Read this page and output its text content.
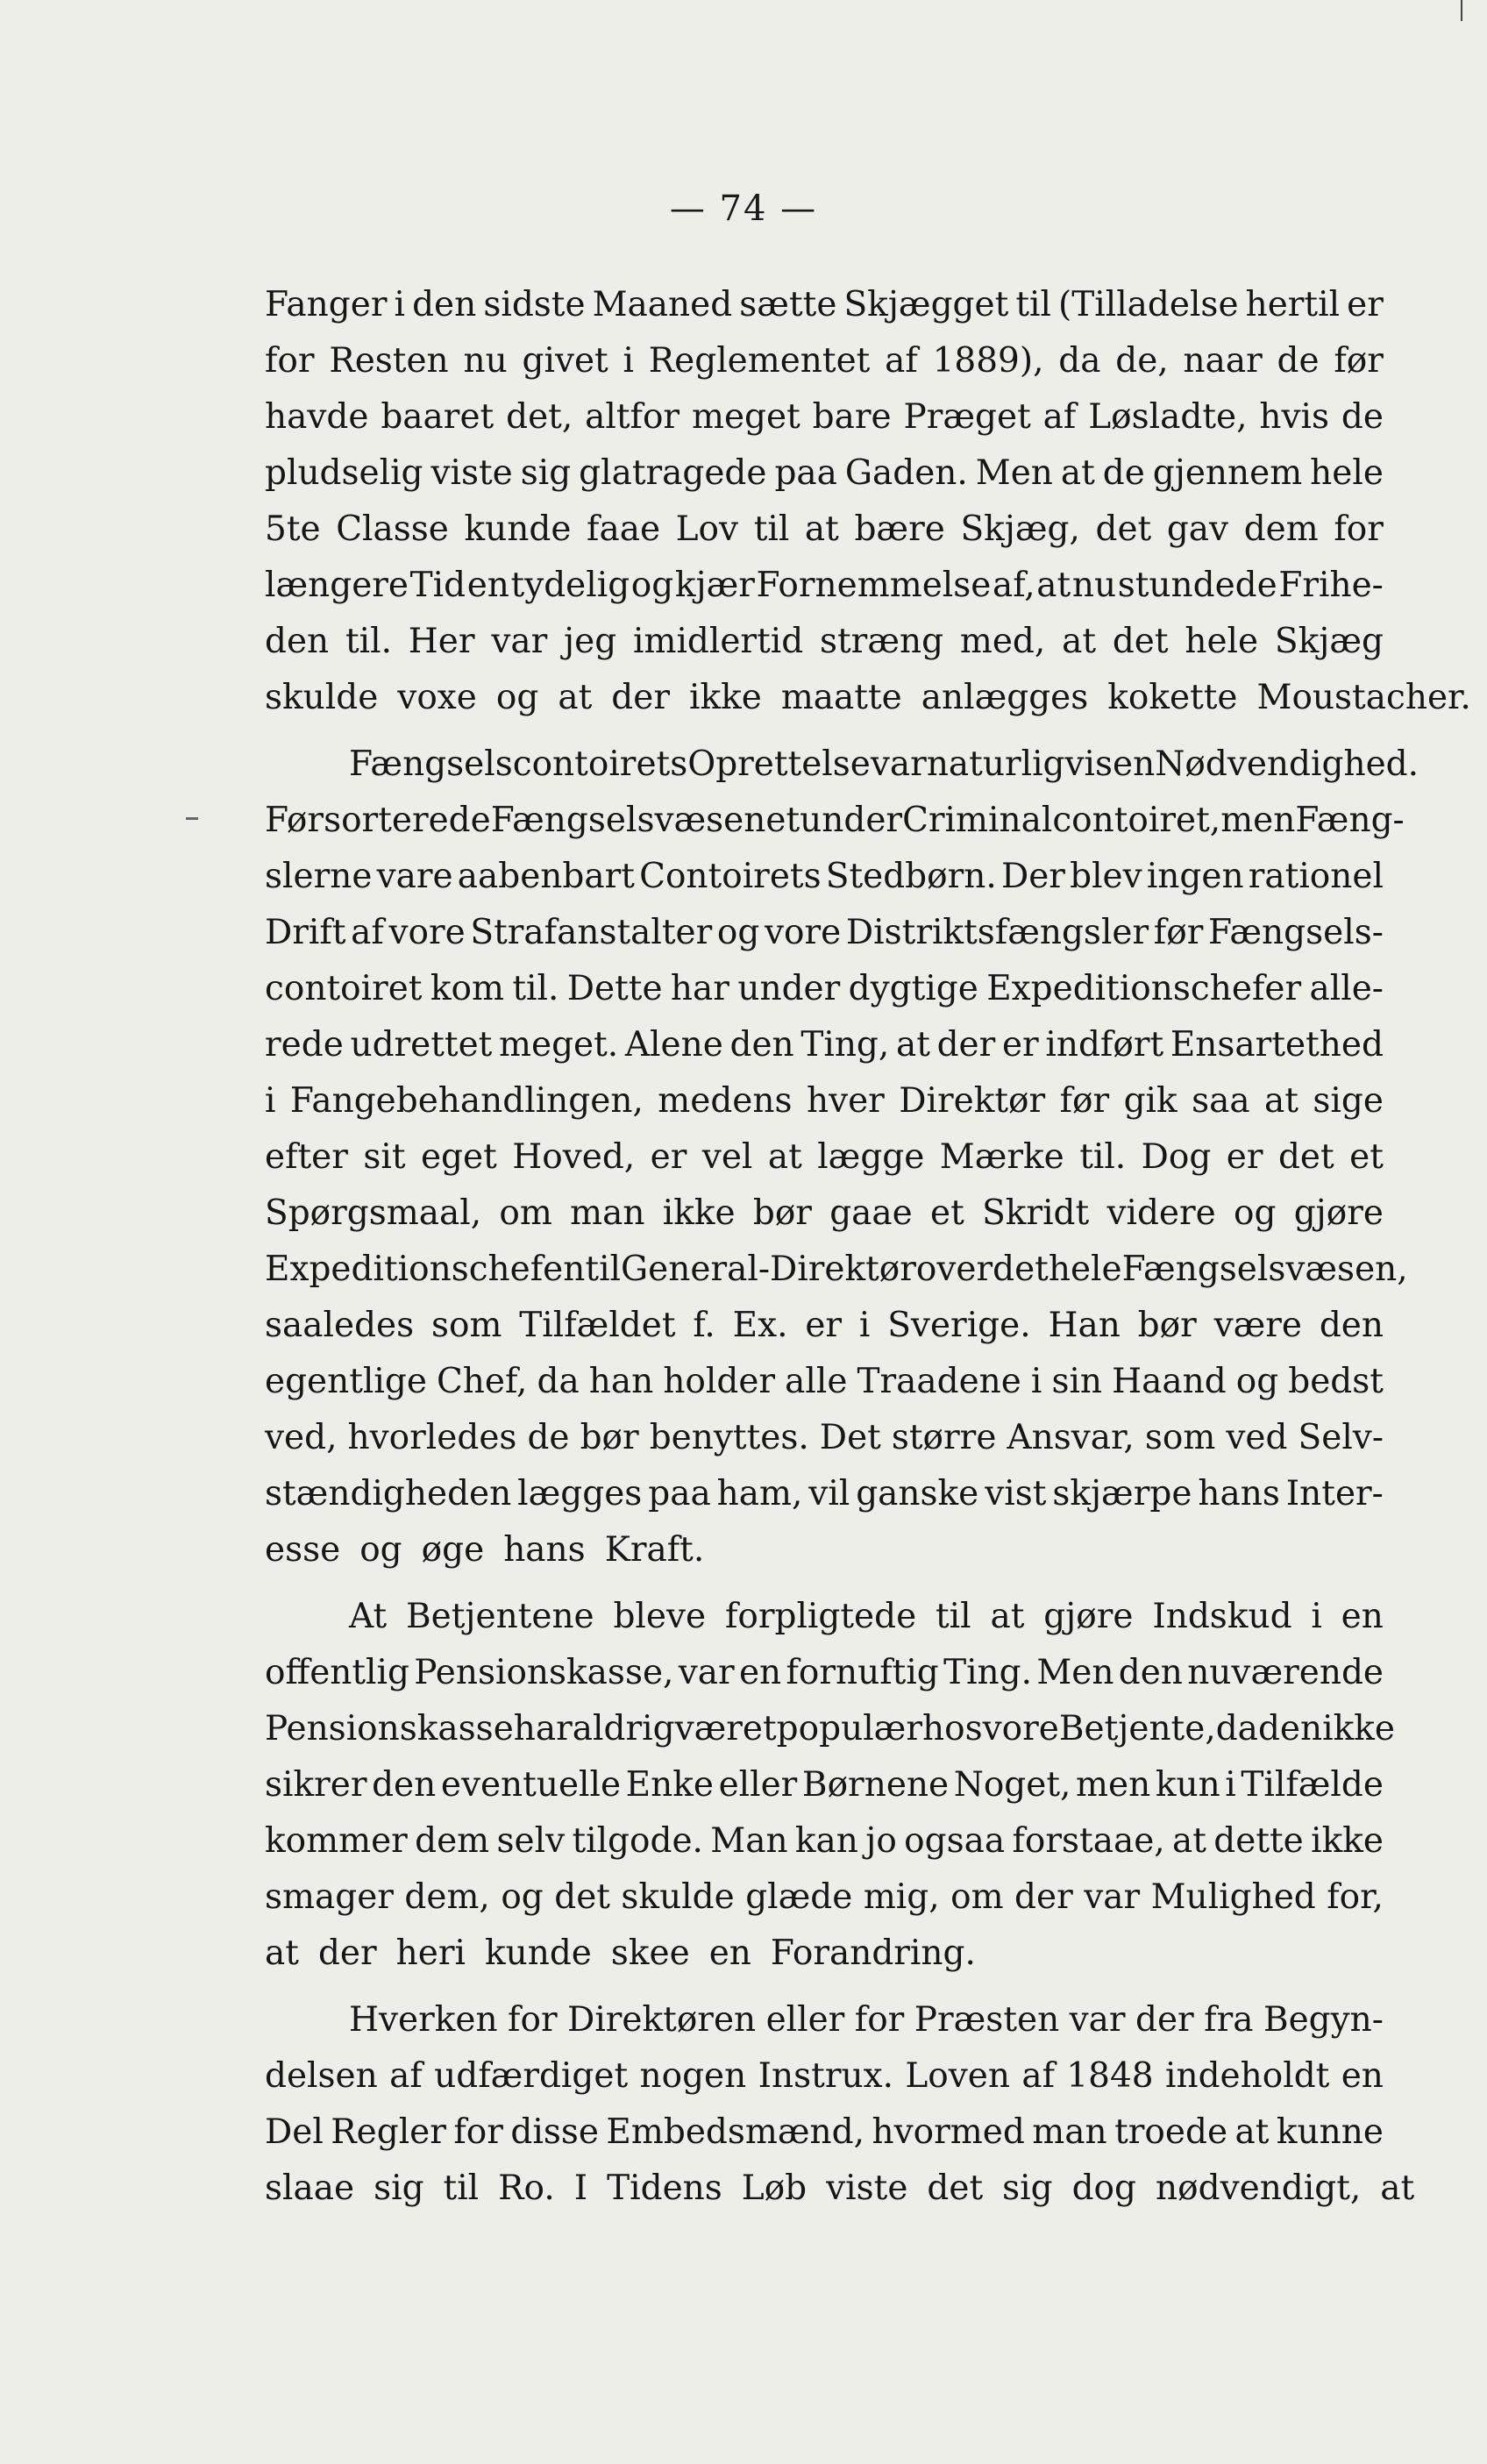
— 74 —
Fanger i den sidste Maaned sætte Skjægget til (Tilladelse hertil er
for Resten nu givet i Reglementet af 1889), da de, naar de før
havde baaret det, altfor meget bare Præget af Løsladte, hvis de
pludselig viste sig glatragede paa Gaden. Men at de gjennem hele
5te Classe kunde faae Lov til at bære Skjæg, det gav dem for
længere Tid en tydelig og kjær Fornemmelse af, at nu stundede Frihe-
den til. Her var jeg imidlertid stræng med, at det hele Skjæg
skulde voxe og at der ikke maatte anlægges kokette Moustacher.
Fængselscontoirets Oprettelse var naturligvis en Nødvendighed.
Før sorterede Fængselsvæsenet under Criminalcontoiret, men Fæng-
slerne vare aabenbart Contoirets Stedbørn. Der blev ingen rationel
Drift af vore Strafanstalter og vore Distriktsfængsler før Fængsels-
contoiret kom til. Dette har under dygtige Expeditionschefer alle-
rede udrettet meget. Alene den Ting, at der er indført Ensartethed
i Fangebehandlingen, medens hver Direktør før gik saa at sige
efter sit eget Hoved, er vel at lægge Mærke til. Dog er det et
Spørgsmaal, om man ikke bør gaae et Skridt videre og gjøre
Expeditionschefen til General-Direktør over det hele Fængselsvæsen,
saaledes som Tilfældet f. Ex. er i Sverige. Han bør være den
egentlige Chef, da han holder alle Traadene i sin Haand og bedst
ved, hvorledes de bør benyttes. Det større Ansvar, som ved Selv-
stændigheden lægges paa ham, vil ganske vist skjærpe hans Inter-
esse og øge hans Kraft.
At Betjentene bleve forpligtede til at gjøre Indskud i en
offentlig Pensionskasse, var en fornuftig Ting. Men den nuværende
Pensionskasse har aldrig været populær hos vore Betjente, da den ikke
sikrer den eventuelle Enke eller Børnene Noget, men kun i Tilfælde
kommer dem selv tilgode. Man kan jo ogsaa forstaae, at dette ikke
smager dem, og det skulde glæde mig, om der var Mulighed for,
at der heri kunde skee en Forandring.
Hverken for Direktøren eller for Præsten var der fra Begyn-
delsen af udfærdiget nogen Instrux. Loven af 1848 indeholdt en
Del Regler for disse Embedsmænd, hvormed man troede at kunne
slaae sig til Ro. I Tidens Løb viste det sig dog nødvendigt, at
